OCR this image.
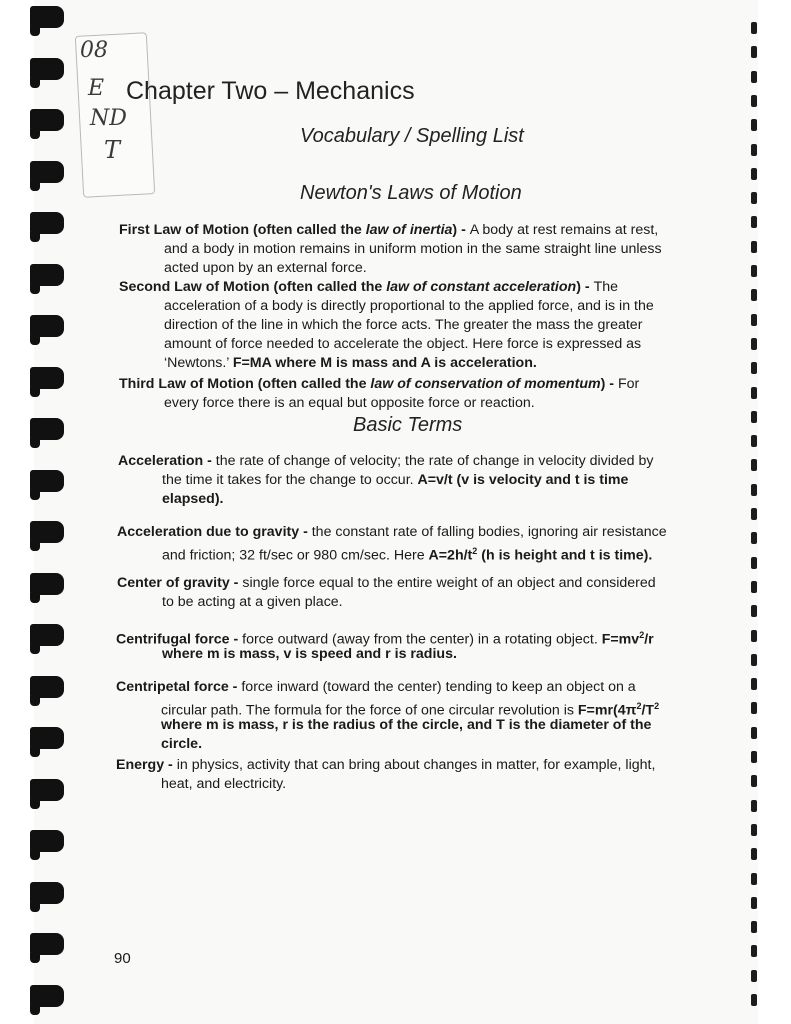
08
E
ND
T
Chapter Two – Mechanics
Vocabulary / Spelling List
Newton's Laws of Motion
First Law of Motion (often called the law of inertia) - A body at rest remains at rest,
and a body in motion remains in uniform motion in the same straight line unless
acted upon by an external force.
Second Law of Motion (often called the law of constant acceleration) - The
acceleration of a body is directly proportional to the applied force, and is in the
direction of the line in which the force acts. The greater the mass the greater
amount of force needed to accelerate the object. Here force is expressed as
‘Newtons.’ F=MA where M is mass and A is acceleration.
Third Law of Motion (often called the law of conservation of momentum) - For
every force there is an equal but opposite force or reaction.
Basic Terms
Acceleration - the rate of change of velocity; the rate of change in velocity divided by
the time it takes for the change to occur. A=v/t (v is velocity and t is time
elapsed).
Acceleration due to gravity - the constant rate of falling bodies, ignoring air resistance
and friction; 32 ft/sec or 980 cm/sec. Here $A=2h/t^2$ (h is height and t is time).
Center of gravity - single force equal to the entire weight of an object and considered
to be acting at a given place.
Centrifugal force - force outward (away from the center) in a rotating object. $F=mv^2/r$
where m is mass, v is speed and r is radius.
Centripetal force - force inward (toward the center) tending to keep an object on a
circular path. The formula for the force of one circular revolution is $F=mr(4\pi^2/T^2$
where m is mass, r is the radius of the circle, and T is the diameter of the
circle.
Energy - in physics, activity that can bring about changes in matter, for example, light,
heat, and electricity.
90
